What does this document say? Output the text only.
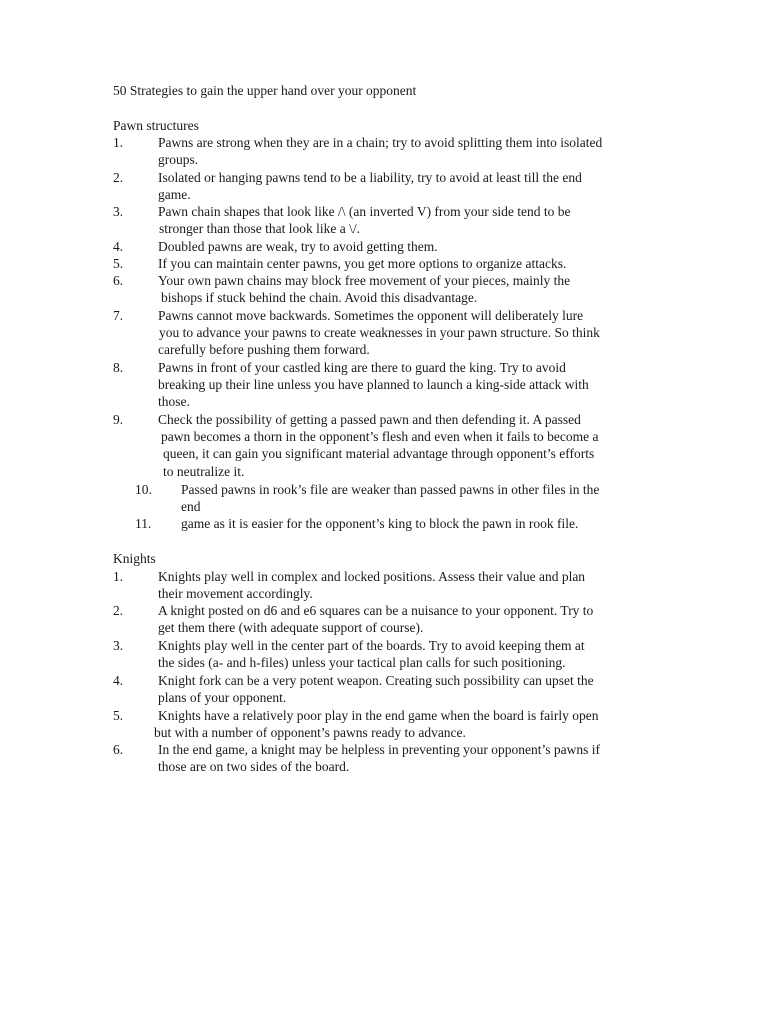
50 Strategies to gain the upper hand over your opponent
Pawn structures
1.	Pawns are strong when they are in a chain; try to avoid splitting them into isolated
groups.
2.	Isolated or hanging pawns tend to be a liability, try to avoid at least till the end
game.
3.	Pawn chain shapes that look like /\ (an inverted V) from your side tend to be
stronger than those that look like a \/.
4.	Doubled pawns are weak, try to avoid getting them.
5.	If you can maintain center pawns, you get more options to organize attacks.
6.	Your own pawn chains may block free movement of your pieces, mainly the
bishops if stuck behind the chain. Avoid this disadvantage.
7.	Pawns cannot move backwards. Sometimes the opponent will deliberately lure
you to advance your pawns to create weaknesses in your pawn structure. So think
carefully before pushing them forward.
8.	Pawns in front of your castled king are there to guard the king. Try to avoid
breaking up their line unless you have planned to launch a king-side attack with
those.
9.	Check the possibility of getting a passed pawn and then defending it. A passed
pawn becomes a thorn in the opponent’s flesh and even when it fails to become a
queen, it can gain you significant material advantage through opponent’s efforts
to neutralize it.
10. Passed pawns in rook’s file are weaker than passed pawns in other files in the
end
11. game as it is easier for the opponent’s king to block the pawn in rook file.
Knights
1.	Knights play well in complex and locked positions. Assess their value and plan
their movement accordingly.
2.	A knight posted on d6 and e6 squares can be a nuisance to your opponent. Try to
get them there (with adequate support of course).
3.	Knights play well in the center part of the boards. Try to avoid keeping them at
the sides (a- and h-files) unless your tactical plan calls for such positioning.
4.	Knight fork can be a very potent weapon. Creating such possibility can upset the
plans of your opponent.
5.	Knights have a relatively poor play in the end game when the board is fairly open
but with a number of opponent’s pawns ready to advance.
6.	In the end game, a knight may be helpless in preventing your opponent’s pawns if
those are on two sides of the board.
